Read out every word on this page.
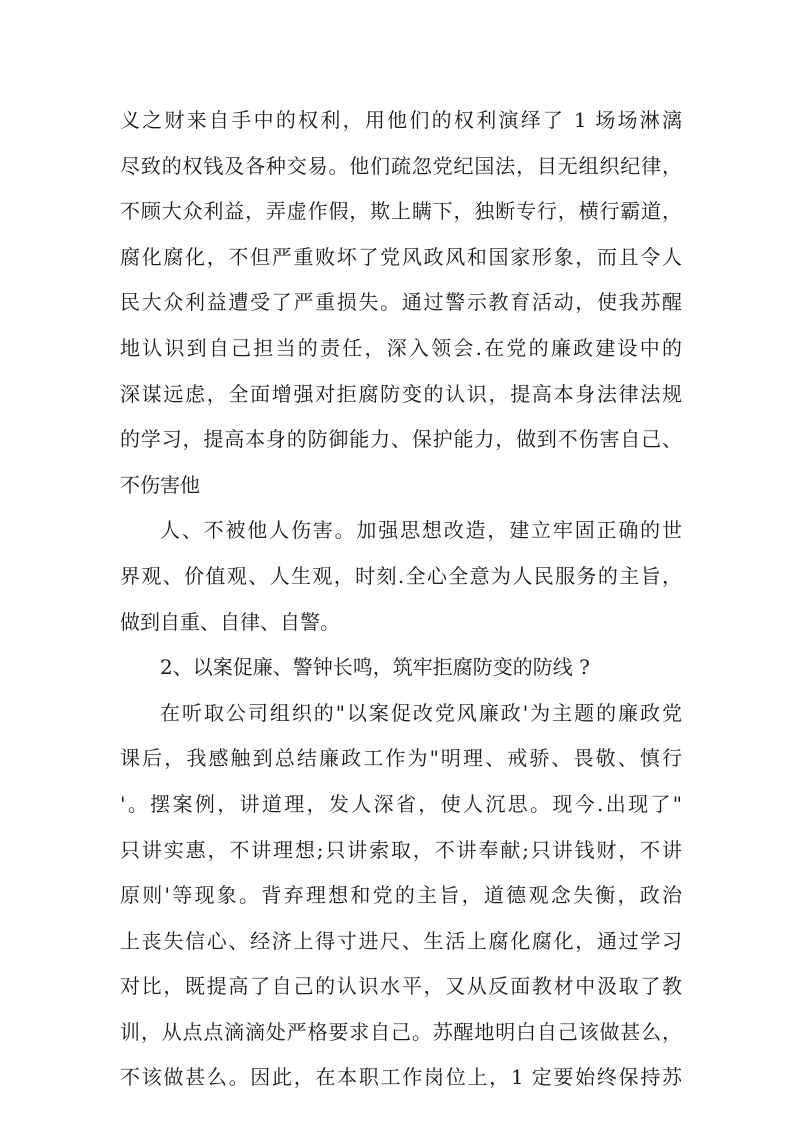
义之财来自手中的权利，用他们的权利演绎了 1 场场淋漓
尽致的权钱及各种交易。他们疏忽党纪国法，目无组织纪律，
不顾大众利益，弄虚作假，欺上瞒下，独断专行，横行霸道，
腐化腐化，不但严重败坏了党风政风和国家形象，而且令人
民大众利益遭受了严重损失。通过警示教育活动，使我苏醒
地认识到自己担当的责任，深入领会.在党的廉政建设中的
深谋远虑，全面增强对拒腐防变的认识，提高本身法律法规
的学习，提高本身的防御能力、保护能力，做到不伤害自己、
不伤害他
人、不被他人伤害。加强思想改造，建立牢固正确的世
界观、价值观、人生观，时刻.全心全意为人民服务的主旨，
做到自重、自律、自警。
2、以案促廉、警钟长鸣，筑牢拒腐防变的防线 ?
在听取公司组织的"以案促改党风廉政'为主题的廉政党
课后，我感触到总结廉政工作为"明理、戒骄、畏敬、慎行
'。摆案例，讲道理，发人深省，使人沉思。现今.出现了"
只讲实惠，不讲理想;只讲索取，不讲奉献;只讲钱财，不讲
原则'等现象。背弃理想和党的主旨，道德观念失衡，政治
上丧失信心、经济上得寸进尺、生活上腐化腐化，通过学习
对比，既提高了自己的认识水平，又从反面教材中汲取了教
训，从点点滴滴处严格要求自己。苏醒地明白自己该做甚么，
不该做甚么。因此，在本职工作岗位上，1 定要始终保持苏
